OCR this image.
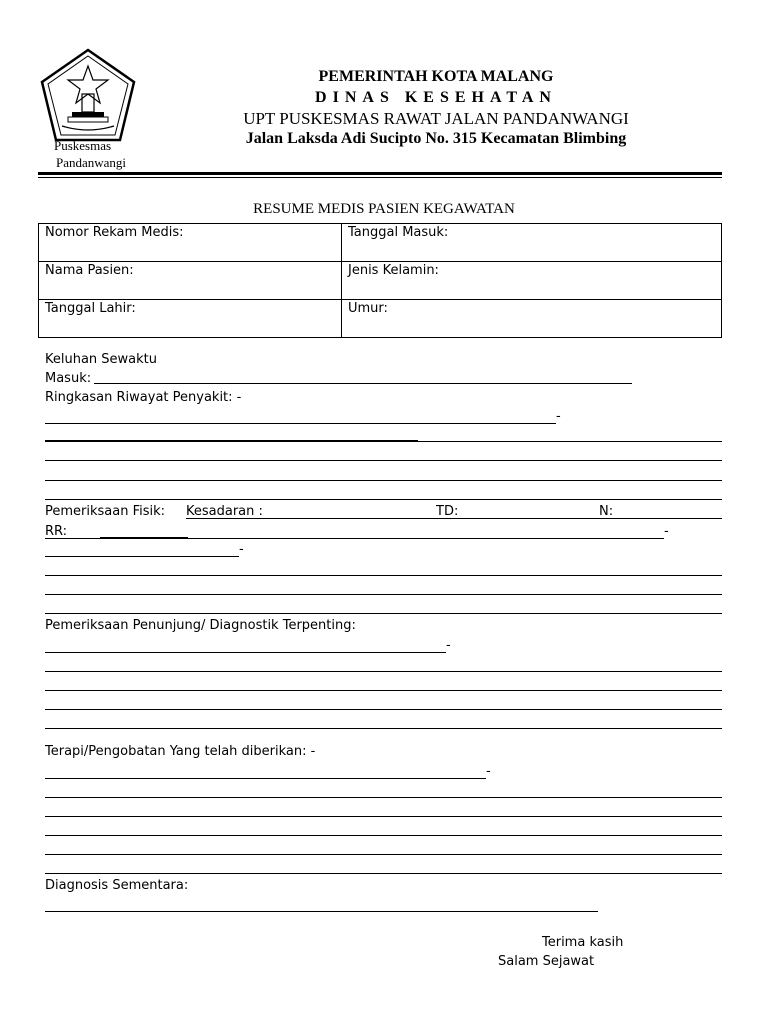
Puskesmas
Pandanwangi
PEMERINTAH KOTA MALANG
DINAS KESEHATAN
UPT PUSKESMAS RAWAT JALAN PANDANWANGI
Jalan Laksda Adi Sucipto No. 315 Kecamatan Blimbing
RESUME MEDIS PASIEN KEGAWATAN
Nomor Rekam Medis:	Tanggal Masuk:
Nama Pasien:	Jenis Kelamin:
Tanggal Lahir:	Umur:
Keluhan Sewaktu
Masuk:
Ringkasan Riwayat Penyakit: -
-
Pemeriksaan Fisik: Kesadaran :	TD:	N:
RR:	-
-
Pemeriksaan Penunjung/ Diagnostik Terpenting:
-
Terapi/Pengobatan Yang telah diberikan: -
-
Diagnosis Sementara:
Terima kasih
Salam Sejawat
